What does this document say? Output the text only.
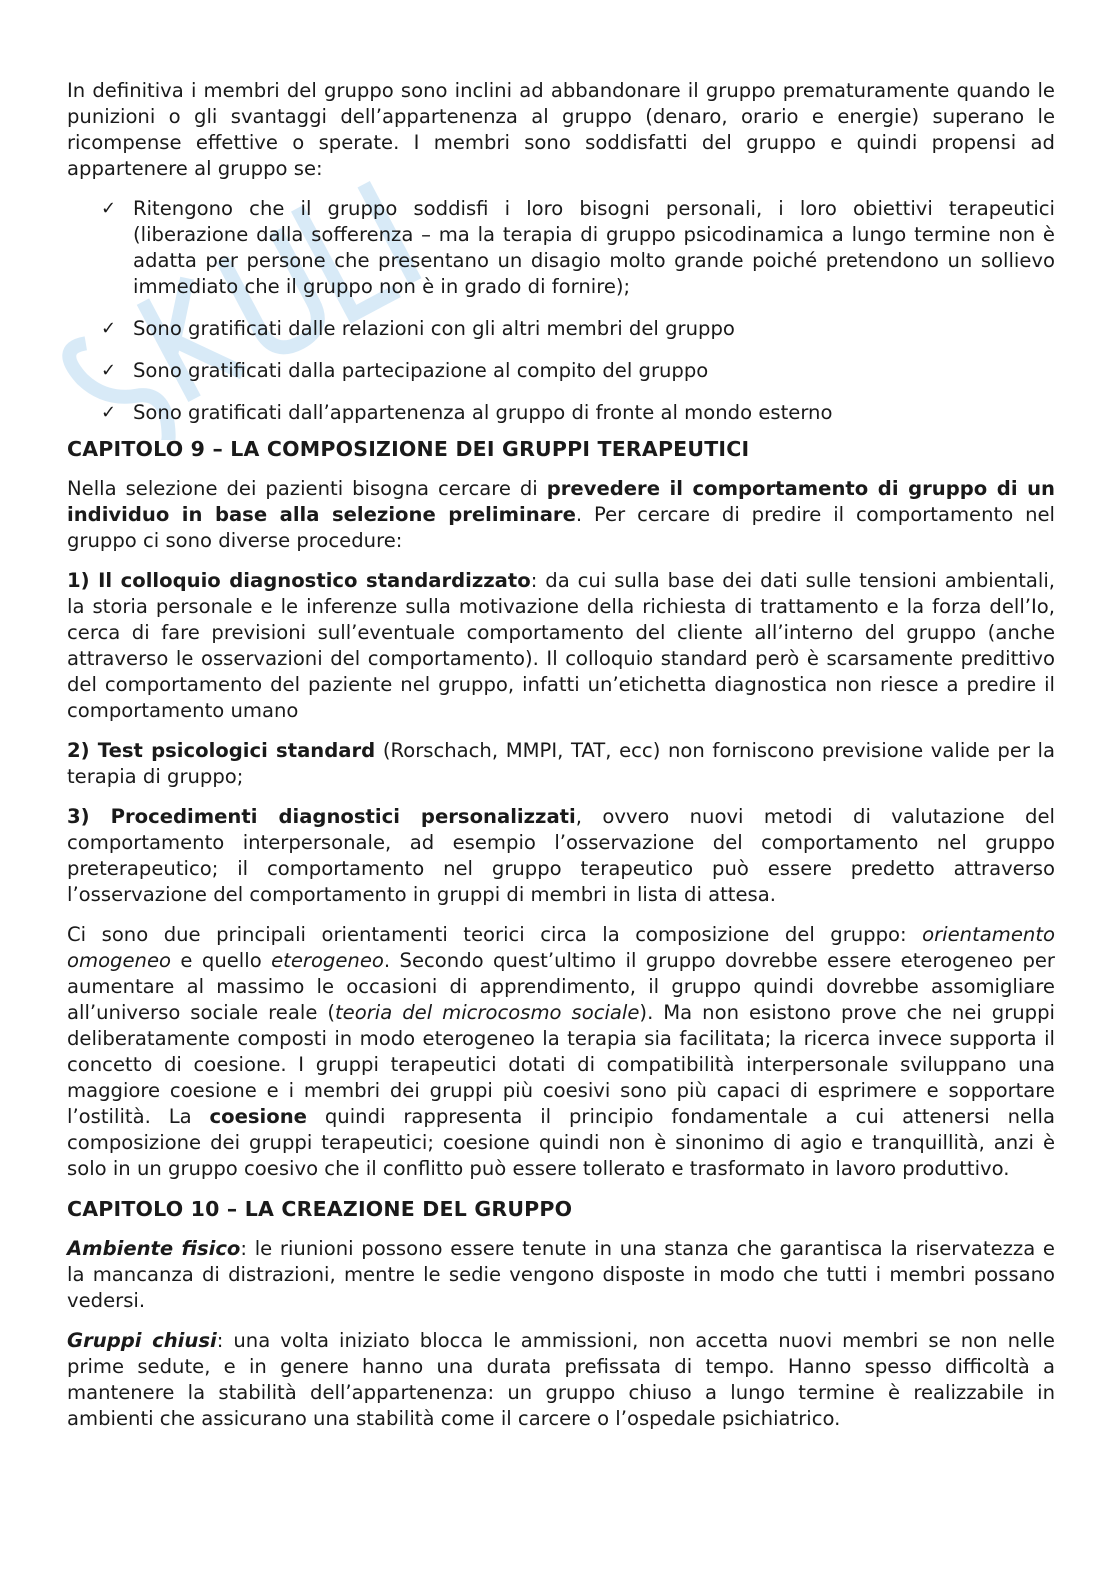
In definitiva i membri del gruppo sono inclini ad abbandonare il gruppo prematuramente quando le punizioni o gli svantaggi dell’appartenenza al gruppo (denaro, orario e energie) superano le ricompense effettive o sperate. I membri sono soddisfatti del gruppo e quindi propensi ad appartenere al gruppo se:

✓ Ritengono che il gruppo soddisfi i loro bisogni personali, i loro obiettivi terapeutici (liberazione dalla sofferenza – ma la terapia di gruppo psicodinamica a lungo termine non è adatta per persone che presentano un disagio molto grande poiché pretendono un sollievo immediato che il gruppo non è in grado di fornire);
✓ Sono gratificati dalle relazioni con gli altri membri del gruppo
✓ Sono gratificati dalla partecipazione al compito del gruppo
✓ Sono gratificati dall’appartenenza al gruppo di fronte al mondo esterno
CAPITOLO 9 – LA COMPOSIZIONE DEI GRUPPI TERAPEUTICI

Nella selezione dei pazienti bisogna cercare di prevedere il comportamento di gruppo di un individuo in base alla selezione preliminare. Per cercare di predire il comportamento nel gruppo ci sono diverse procedure:

1) Il colloquio diagnostico standardizzato: da cui sulla base dei dati sulle tensioni ambientali, la storia personale e le inferenze sulla motivazione della richiesta di trattamento e la forza dell’Io, cerca di fare previsioni sull’eventuale comportamento del cliente all’interno del gruppo (anche attraverso le osservazioni del comportamento). Il colloquio standard però è scarsamente predittivo del comportamento del paziente nel gruppo, infatti un’etichetta diagnostica non riesce a predire il comportamento umano

2) Test psicologici standard (Rorschach, MMPI, TAT, ecc) non forniscono previsione valide per la terapia di gruppo;

3) Procedimenti diagnostici personalizzati, ovvero nuovi metodi di valutazione del comportamento interpersonale, ad esempio l’osservazione del comportamento nel gruppo preterapeutico; il comportamento nel gruppo terapeutico può essere predetto attraverso l’osservazione del comportamento in gruppi di membri in lista di attesa.

Ci sono due principali orientamenti teorici circa la composizione del gruppo: orientamento omogeneo e quello eterogeneo. Secondo quest’ultimo il gruppo dovrebbe essere eterogeneo per aumentare al massimo le occasioni di apprendimento, il gruppo quindi dovrebbe assomigliare all’universo sociale reale (teoria del microcosmo sociale). Ma non esistono prove che nei gruppi deliberatamente composti in modo eterogeneo la terapia sia facilitata; la ricerca invece supporta il concetto di coesione. I gruppi terapeutici dotati di compatibilità interpersonale sviluppano una maggiore coesione e i membri dei gruppi più coesivi sono più capaci di esprimere e sopportare l’ostilità. La coesione quindi rappresenta il principio fondamentale a cui attenersi nella composizione dei gruppi terapeutici; coesione quindi non è sinonimo di agio e tranquillità, anzi è solo in un gruppo coesivo che il conflitto può essere tollerato e trasformato in lavoro produttivo.

CAPITOLO 10 – LA CREAZIONE DEL GRUPPO

Ambiente fisico: le riunioni possono essere tenute in una stanza che garantisca la riservatezza e la mancanza di distrazioni, mentre le sedie vengono disposte in modo che tutti i membri possano vedersi.

Gruppi chiusi: una volta iniziato blocca le ammissioni, non accetta nuovi membri se non nelle prime sedute, e in genere hanno una durata prefissata di tempo. Hanno spesso difficoltà a mantenere la stabilità dell’appartenenza: un gruppo chiuso a lungo termine è realizzabile in ambienti che assicurano una stabilità come il carcere o l’ospedale psichiatrico.
